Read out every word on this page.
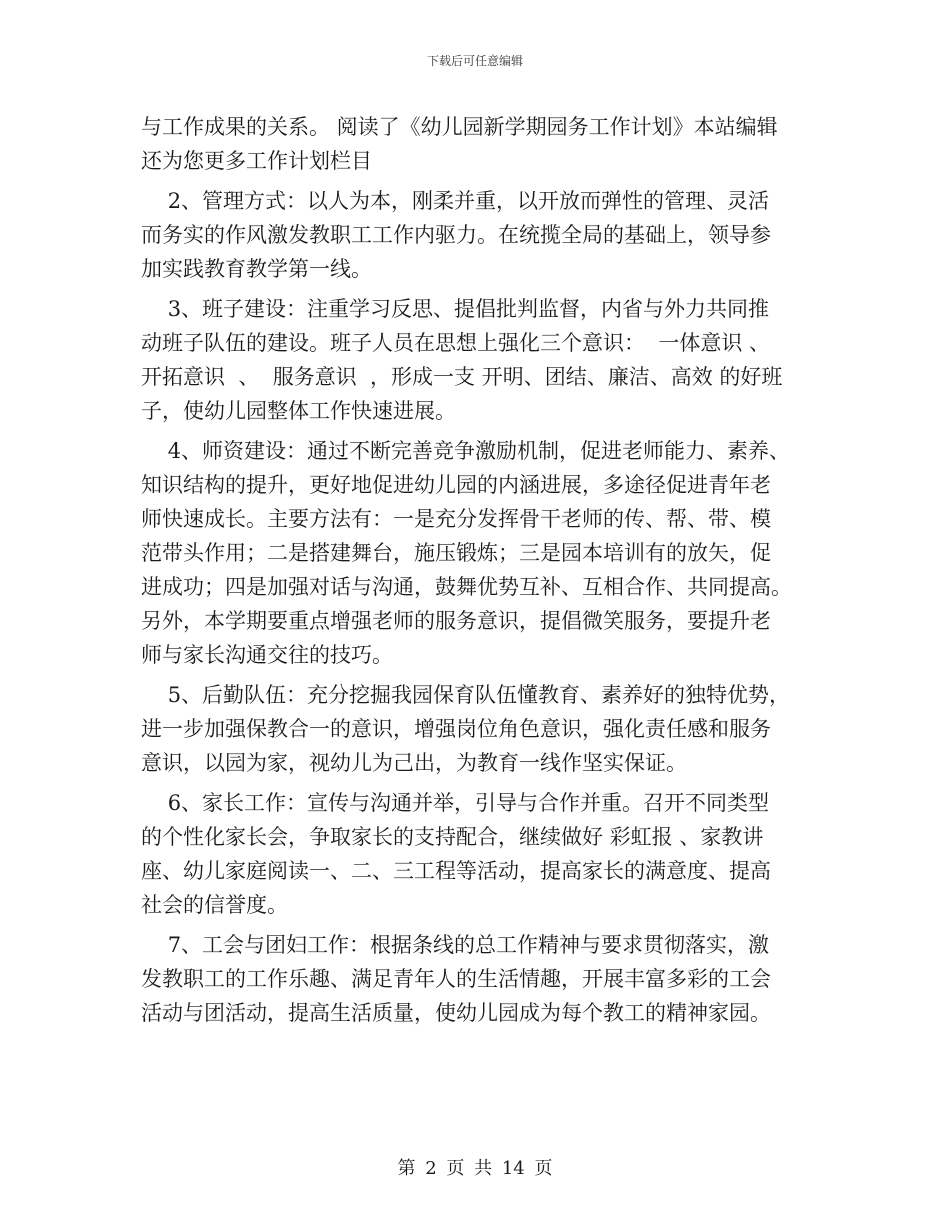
下载后可任意编辑
与工作成果的关系。 阅读了《幼儿园新学期园务工作计划》本站编辑
还为您更多工作计划栏目
2、管理方式：以人为本，刚柔并重，以开放而弹性的管理、灵活
而务实的作风激发教职工工作内驱力。在统揽全局的基础上，领导参
加实践教育教学第一线。
3、班子建设：注重学习反思、提倡批判监督，内省与外力共同推
动班子队伍的建设。班子人员在思想上强化三个意识：  一体意识 、
开拓意识  、  服务意识  ，形成一支 开明、团结、廉洁、高效 的好班
子，使幼儿园整体工作快速进展。
4、师资建设：通过不断完善竞争激励机制，促进老师能力、素养、
知识结构的提升，更好地促进幼儿园的内涵进展，多途径促进青年老
师快速成长。主要方法有：一是充分发挥骨干老师的传、帮、带、模
范带头作用；二是搭建舞台，施压锻炼；三是园本培训有的放矢，促
进成功；四是加强对话与沟通，鼓舞优势互补、互相合作、共同提高。
另外，本学期要重点增强老师的服务意识，提倡微笑服务，要提升老
师与家长沟通交往的技巧。
5、后勤队伍：充分挖掘我园保育队伍懂教育、素养好的独特优势，
进一步加强保教合一的意识，增强岗位角色意识，强化责任感和服务
意识，以园为家，视幼儿为己出，为教育一线作坚实保证。
6、家长工作：宣传与沟通并举，引导与合作并重。召开不同类型
的个性化家长会，争取家长的支持配合，继续做好 彩虹报 、家教讲
座、幼儿家庭阅读一、二、三工程等活动，提高家长的满意度、提高
社会的信誉度。
7、工会与团妇工作：根据条线的总工作精神与要求贯彻落实，激
发教职工的工作乐趣、满足青年人的生活情趣，开展丰富多彩的工会
活动与团活动，提高生活质量，使幼儿园成为每个教工的精神家园。
第 2 页 共 14 页
